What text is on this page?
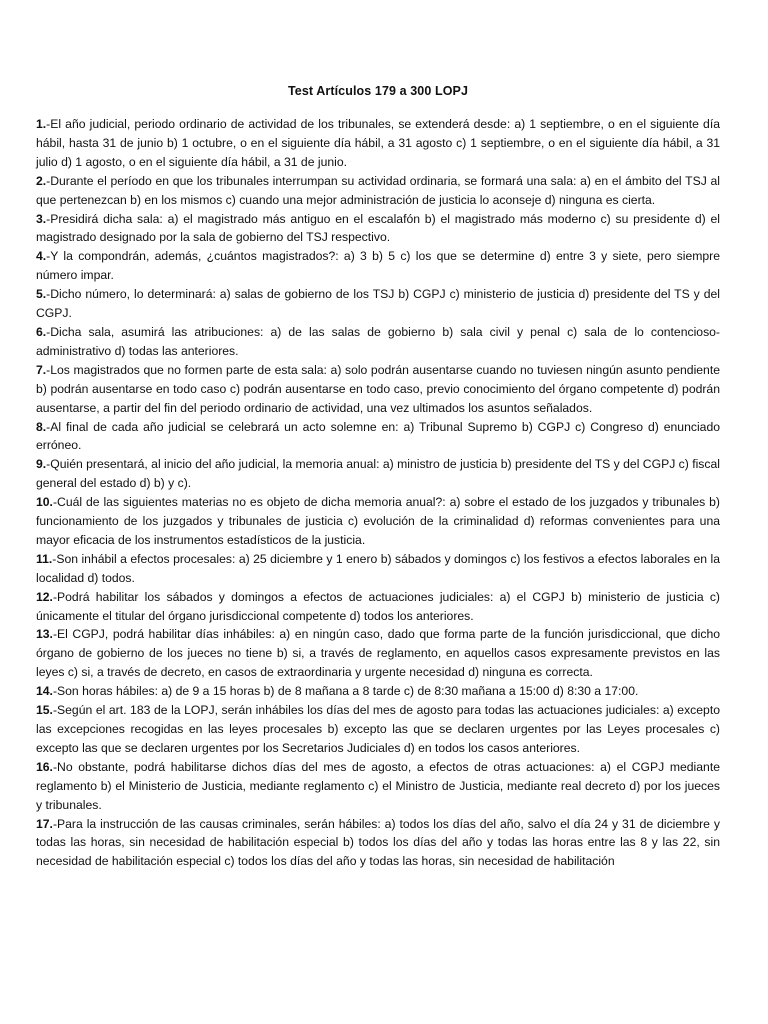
Test Artículos 179 a 300 LOPJ

1.-El año judicial, periodo ordinario de actividad de los tribunales, se extenderá desde: a) 1 septiembre, o en el siguiente día hábil, hasta 31 de junio b) 1 octubre, o en el siguiente día hábil, a 31 agosto c) 1 septiembre, o en el siguiente día hábil, a 31 julio d) 1 agosto, o en el siguiente día hábil, a 31 de junio.

2.-Durante el período en que los tribunales interrumpan su actividad ordinaria, se formará una sala: a) en el ámbito del TSJ al que pertenezcan b) en los mismos c) cuando una mejor administración de justicia lo aconseje d) ninguna es cierta.

3.-Presidirá dicha sala: a) el magistrado más antiguo en el escalafón b) el magistrado más moderno c) su presidente d) el magistrado designado por la sala de gobierno del TSJ respectivo.

4.-Y la compondrán, además, ¿cuántos magistrados?: a) 3 b) 5 c) los que se determine d) entre 3 y siete, pero siempre número impar.

5.-Dicho número, lo determinará: a) salas de gobierno de los TSJ b) CGPJ c) ministerio de justicia d) presidente del TS y del CGPJ.

6.-Dicha sala, asumirá las atribuciones: a) de las salas de gobierno b) sala civil y penal c) sala de lo contencioso-administrativo d) todas las anteriores.

7.-Los magistrados que no formen parte de esta sala: a) solo podrán ausentarse cuando no tuviesen ningún asunto pendiente b) podrán ausentarse en todo caso c) podrán ausentarse en todo caso, previo conocimiento del órgano competente d) podrán ausentarse, a partir del fin del periodo ordinario de actividad, una vez ultimados los asuntos señalados.

8.-Al final de cada año judicial se celebrará un acto solemne en: a) Tribunal Supremo b) CGPJ c) Congreso d) enunciado erróneo.

9.-Quién presentará, al inicio del año judicial, la memoria anual: a) ministro de justicia b) presidente del TS y del CGPJ c) fiscal general del estado d) b) y c).

10.-Cuál de las siguientes materias no es objeto de dicha memoria anual?: a) sobre el estado de los juzgados y tribunales b) funcionamiento de los juzgados y tribunales de justicia c) evolución de la criminalidad d) reformas convenientes para una mayor eficacia de los instrumentos estadísticos de la justicia.

11.-Son inhábil a efectos procesales: a) 25 diciembre y 1 enero b) sábados y domingos c) los festivos a efectos laborales en la localidad d) todos.

12.-Podrá habilitar los sábados y domingos a efectos de actuaciones judiciales: a) el CGPJ b) ministerio de justicia c) únicamente el titular del órgano jurisdiccional competente d) todos los anteriores.

13.-El CGPJ, podrá habilitar días inhábiles: a) en ningún caso, dado que forma parte de la función jurisdiccional, que dicho órgano de gobierno de los jueces no tiene b) si, a través de reglamento, en aquellos casos expresamente previstos en las leyes c) si, a través de decreto, en casos de extraordinaria y urgente necesidad d) ninguna es correcta.

14.-Son horas hábiles: a) de 9 a 15 horas b) de 8 mañana a 8 tarde c) de 8:30 mañana a 15:00 d) 8:30 a 17:00.

15.-Según el art. 183 de la LOPJ, serán inhábiles los días del mes de agosto para todas las actuaciones judiciales: a) excepto las excepciones recogidas en las leyes procesales b) excepto las que se declaren urgentes por las Leyes procesales c) excepto las que se declaren urgentes por los Secretarios Judiciales d) en todos los casos anteriores.

16.-No obstante, podrá habilitarse dichos días del mes de agosto, a efectos de otras actuaciones: a) el CGPJ mediante reglamento b) el Ministerio de Justicia, mediante reglamento c) el Ministro de Justicia, mediante real decreto d) por los jueces y tribunales.

17.-Para la instrucción de las causas criminales, serán hábiles: a) todos los días del año, salvo el día 24 y 31 de diciembre y todas las horas, sin necesidad de habilitación especial b) todos los días del año y todas las horas entre las 8 y las 22, sin necesidad de habilitación especial c) todos los días del año y todas las horas, sin necesidad de habilitación
